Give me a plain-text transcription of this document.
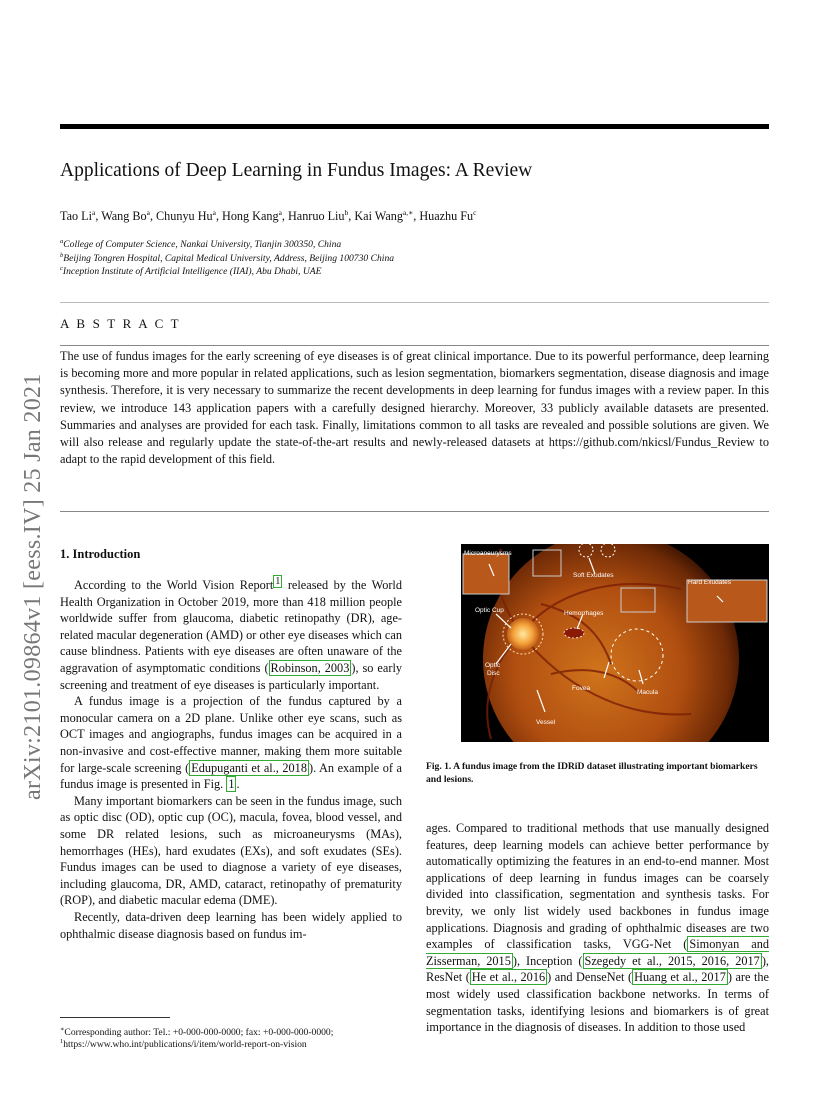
Applications of Deep Learning in Fundus Images: A Review
Tao Li$^a$, Wang Bo$^a$, Chunyu Hu$^a$, Hong Kang$^a$, Hanruo Liu$^b$, Kai Wang$^{a,∗}$, Huazhu Fu$^c$
$^a$College of Computer Science, Nankai University, Tianjin 300350, China
$^b$Beijing Tongren Hospital, Capital Medical University, Address, Beijing 100730 China
$^c$Inception Institute of Artificial Intelligence (IIAI), Abu Dhabi, UAE
A B S T R A C T
The use of fundus images for the early screening of eye diseases is of great clinical importance. Due to its powerful performance, deep learning is becoming more and more popular in related applications, such as lesion segmentation, biomarkers segmentation, disease diagnosis and image synthesis. Therefore, it is very necessary to summarize the recent developments in deep learning for fundus images with a review paper. In this review, we introduce 143 application papers with a carefully designed hierarchy. Moreover, 33 publicly available datasets are presented. Summaries and analyses are provided for each task. Finally, limitations common to all tasks are revealed and possible solutions are given. We will also release and regularly update the state-of-the-art results and newly-released datasets at https://github.com/nkicsl/Fundus_Review to adapt to the rapid development of this field.
arXiv:2101.09864v1 [eess.IV] 25 Jan 2021 1. Introduction

According to the World Vision Report $^1$ released by the World Health Organization in October 2019, more than 418 million people worldwide suffer from glaucoma, diabetic retinopathy (DR), age-related macular degeneration (AMD) or other eye diseases which can cause blindness. Patients with eye diseases are often unaware of the aggravation of asymptomatic conditions ( Robinson, 2003 ), so early screening and treatment of eye diseases is particularly important.

A fundus image is a projection of the fundus captured by a monocular camera on a 2D plane. Unlike other eye scans, such as OCT images and angiographs, fundus images can be acquired in a non-invasive and cost-effective manner, making them more suitable for large-scale screening ( Edupuganti et al., 2018 ). An example of a fundus image is presented in Fig. 1 .

Many important biomarkers can be seen in the fundus image, such as optic disc (OD), optic cup (OC), macula, fovea, blood vessel, and some DR related lesions, such as microaneurysms (MAs), hemorrhages (HEs), hard exudates (EXs), and soft exudates (SEs). Fundus images can be used to diagnose a variety of eye diseases, including glaucoma, DR, AMD, cataract, retinopathy of prematurity (ROP), and diabetic macular edema (DME).

Recently, data-driven deep learning has been widely applied to ophthalmic disease diagnosis based on fundus im-

ages. Compared to traditional methods that use manually designed features, deep learning models can achieve better performance by automatically optimizing the features in an end-to-end manner. Most applications of deep learning in fundus images can be coarsely divided into classification, segmentation and synthesis tasks. For brevity, we only list widely used backbones in fundus image applications. Diagnosis and grading of ophthalmic diseases are two examples of classification tasks, VGG-Net ( Simonyan and Zisserman, 2015 ), Inception ( Szegedy et al., 2015, 2016, 2017 ), ResNet ( He et al., 2016 ) and DenseNet ( Huang et al., 2017 ) are the most widely used classification backbone networks. In terms of segmentation tasks, identifying lesions and biomarkers is of great importance in the diagnosis of diseases. In addition to those used

Microaneurysms
Soft Exudates
Hard Exudates
Optic Cup	Hemorrhages
Optic
Disc
Fovea
Macula
Vessel
Fig. 1. A fundus image from the IDRiD dataset illustrating important biomarkers and lesions.
∗Corresponding author: Tel.: +0-000-000-0000; fax: +0-000-000-0000;
$^1$https://www.who.int/publications/i/item/world-report-on-vision
